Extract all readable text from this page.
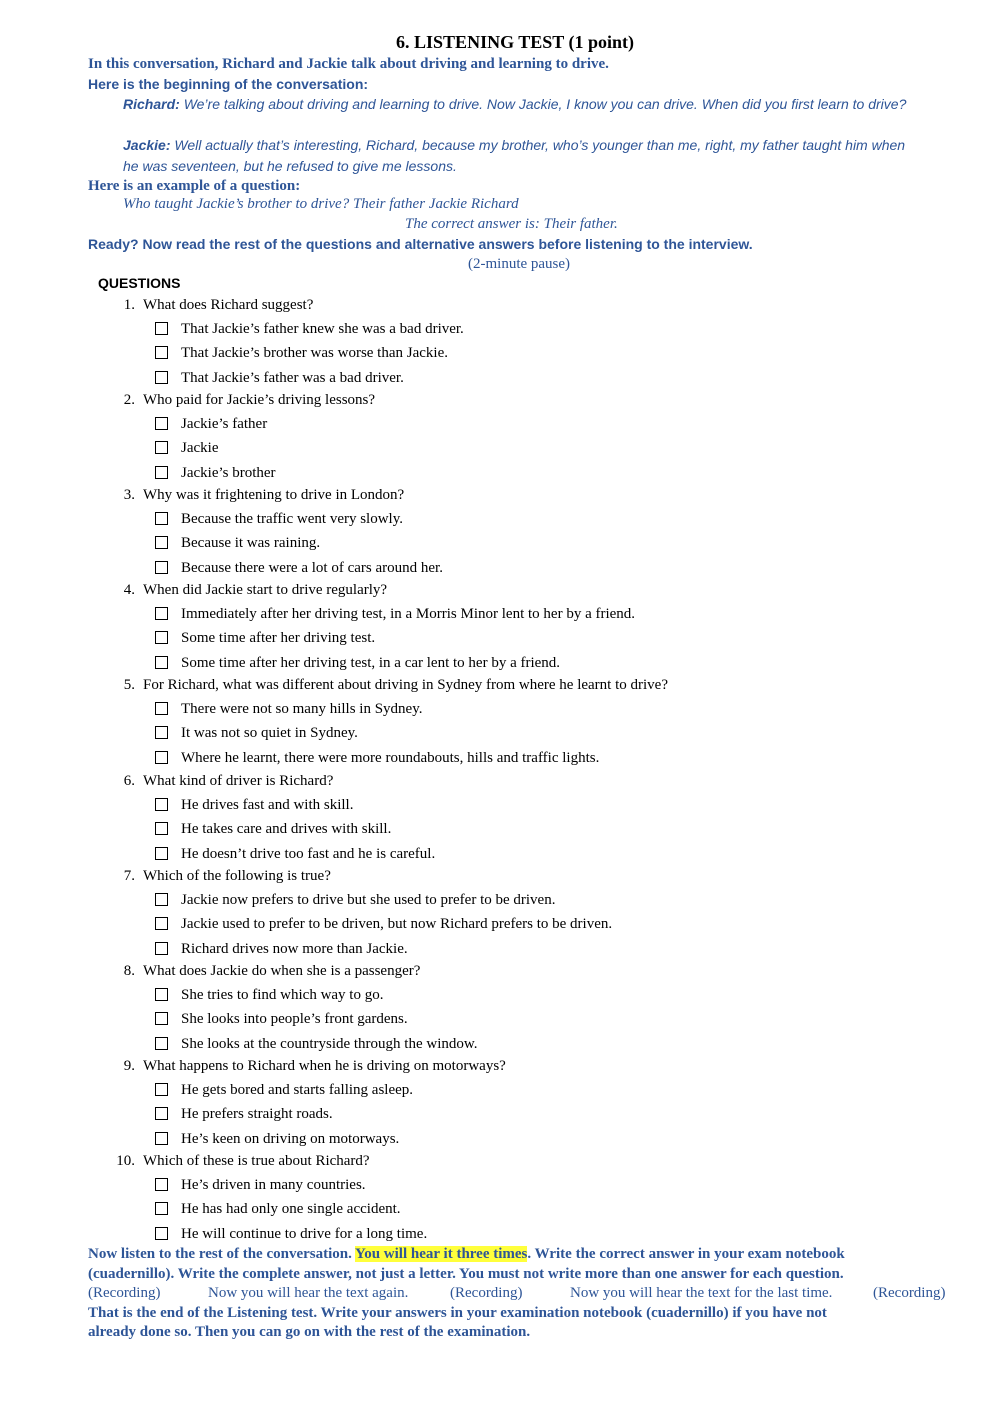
6. LISTENING TEST (1 point)
In this conversation, Richard and Jackie talk about driving and learning to drive.
Here is the beginning of the conversation:
Richard: We’re talking about driving and learning to drive. Now Jackie, I know you can drive. When did you first learn to drive?
Jackie: Well actually that’s interesting, Richard, because my brother, who’s younger than me, right, my father taught him when he was seventeen, but he refused to give me lessons.
Here is an example of a question:
Who taught Jackie’s brother to drive? Their father Jackie Richard
The correct answer is: Their father.
Ready? Now read the rest of the questions and alternative answers before listening to the interview.
(2-minute pause)
QUESTIONS
1. What does Richard suggest?
That Jackie’s father knew she was a bad driver.
That Jackie’s brother was worse than Jackie.
That Jackie’s father was a bad driver.
2. Who paid for Jackie’s driving lessons?
Jackie’s father
Jackie
Jackie’s brother
3. Why was it frightening to drive in London?
Because the traffic went very slowly.
Because it was raining.
Because there were a lot of cars around her.
4. When did Jackie start to drive regularly?
Immediately after her driving test, in a Morris Minor lent to her by a friend.
Some time after her driving test.
Some time after her driving test, in a car lent to her by a friend.
5. For Richard, what was different about driving in Sydney from where he learnt to drive?
There were not so many hills in Sydney.
It was not so quiet in Sydney.
Where he learnt, there were more roundabouts, hills and traffic lights.
6. What kind of driver is Richard?
He drives fast and with skill.
He takes care and drives with skill.
He doesn’t drive too fast and he is careful.
7. Which of the following is true?
Jackie now prefers to drive but she used to prefer to be driven.
Jackie used to prefer to be driven, but now Richard prefers to be driven.
Richard drives now more than Jackie.
8. What does Jackie do when she is a passenger?
She tries to find which way to go.
She looks into people’s front gardens.
She looks at the countryside through the window.
9. What happens to Richard when he is driving on motorways?
He gets bored and starts falling asleep.
He prefers straight roads.
He’s keen on driving on motorways.
10. Which of these is true about Richard?
He’s driven in many countries.
He has had only one single accident.
He will continue to drive for a long time.
Now listen to the rest of the conversation. You will hear it three times. Write the correct answer in your exam notebook
(cuadernillo). Write the complete answer, not just a letter. You must not write more than one answer for each question.
(Recording)	Now you will hear the text again.	(Recording)	Now you will hear the text for the last time.	(Recording)
That is the end of the Listening test. Write your answers in your examination notebook (cuadernillo) if you have not
already done so. Then you can go on with the rest of the examination.
